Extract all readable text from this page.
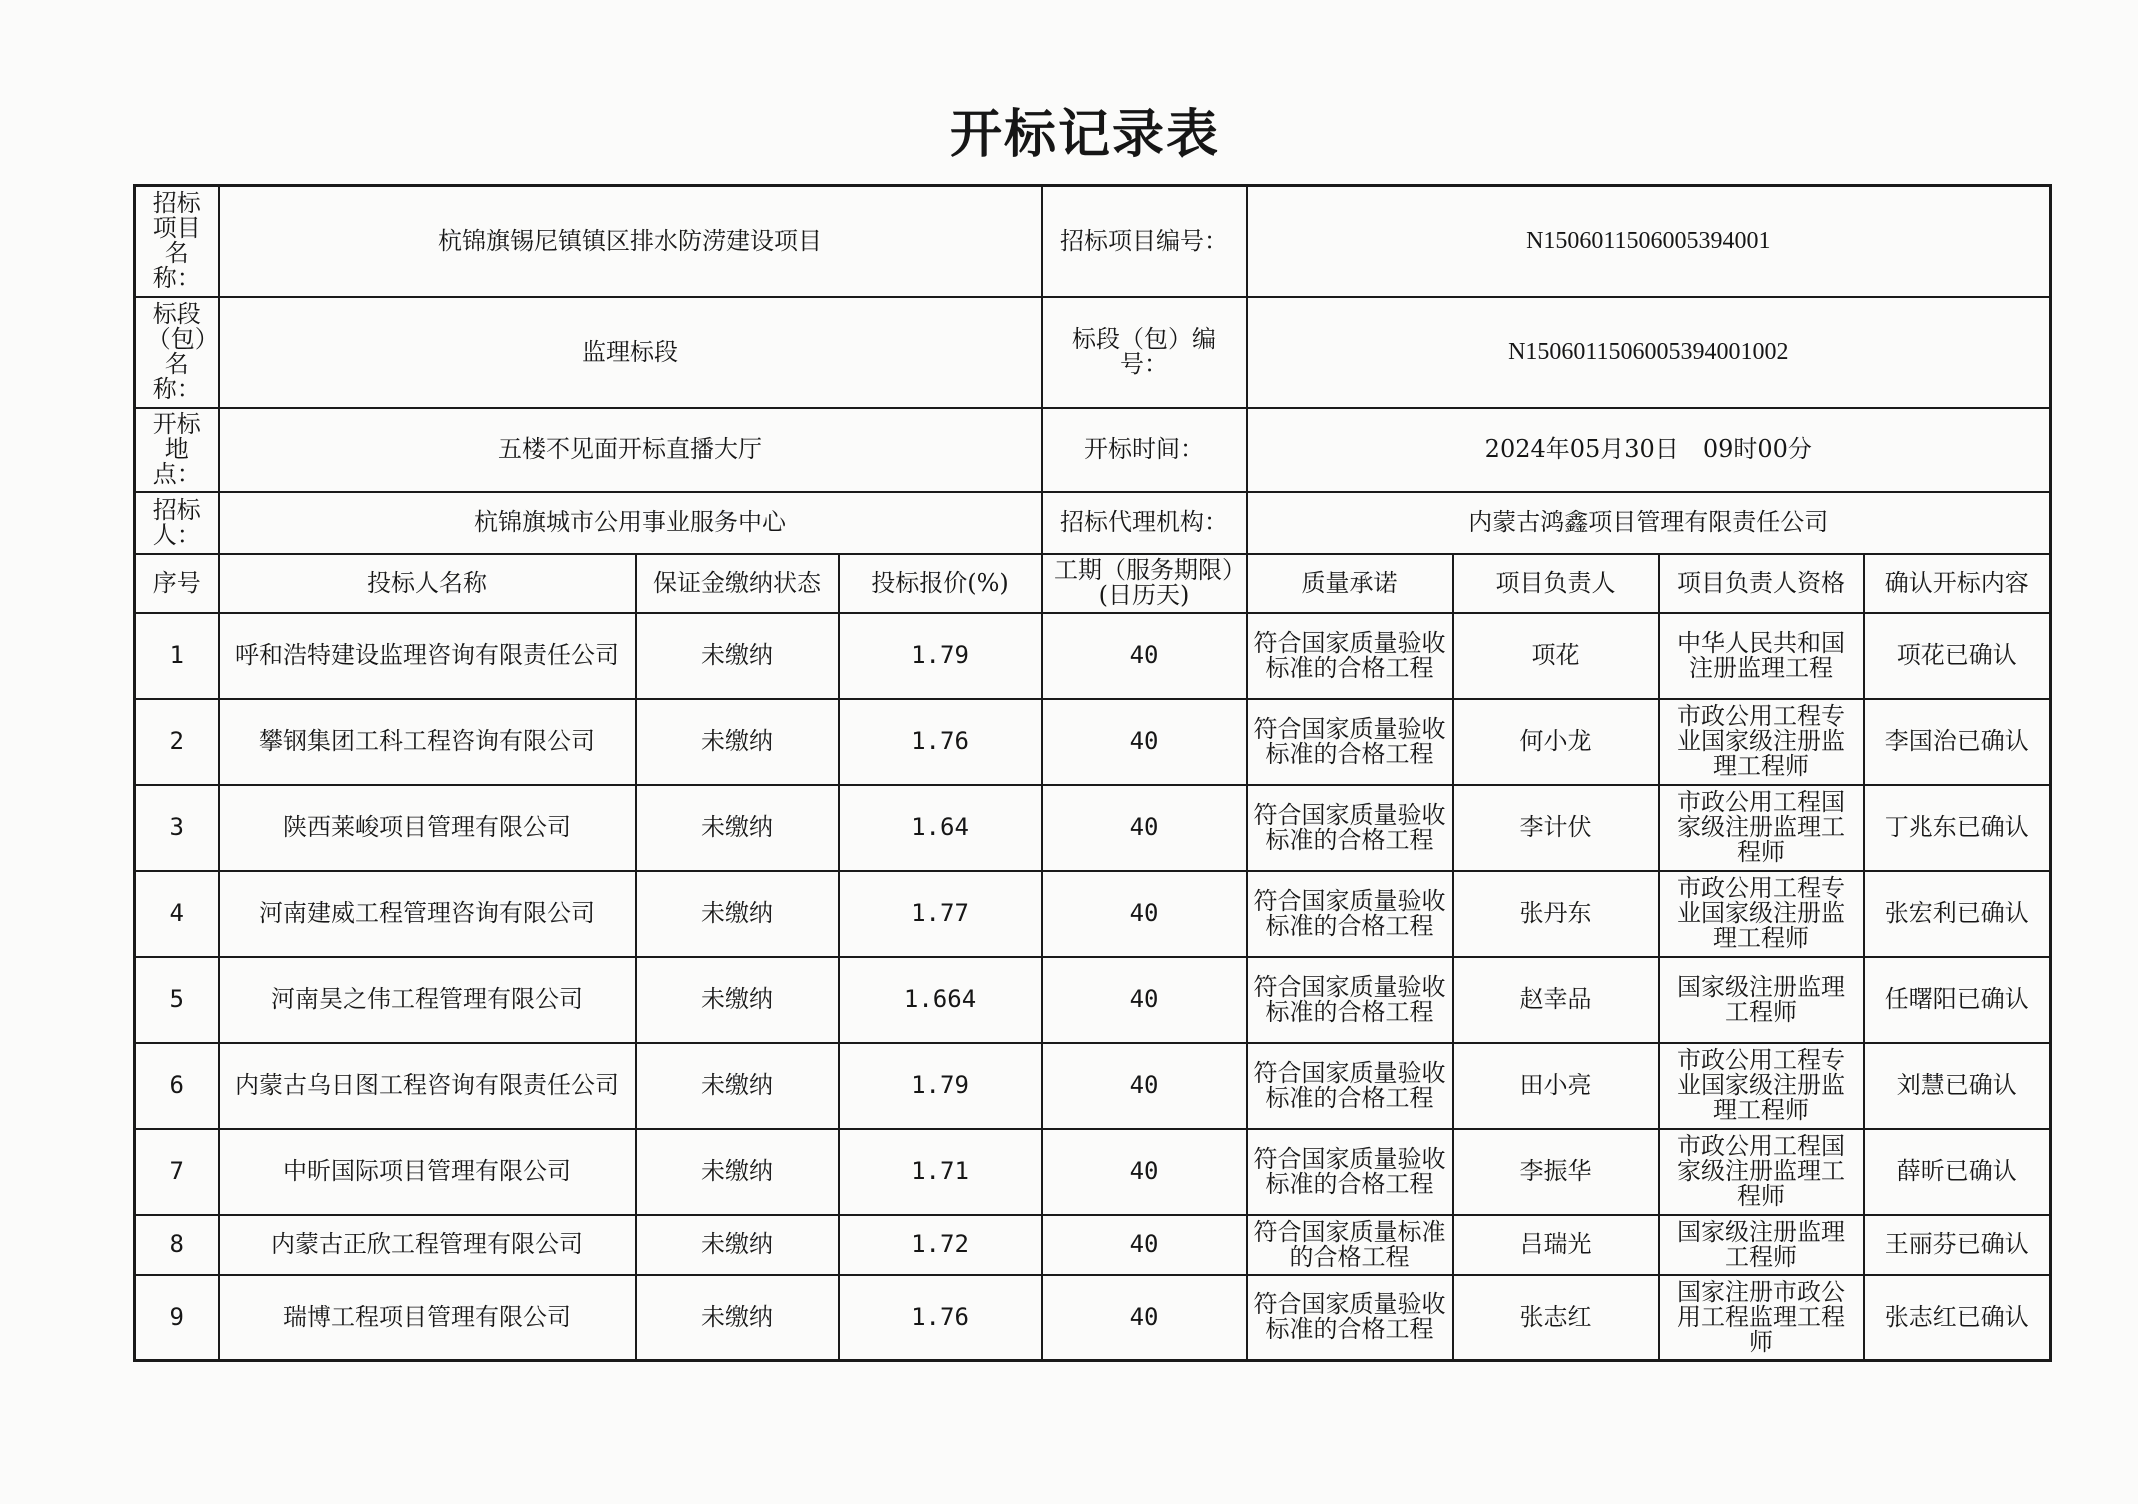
开标记录表
招标项目名称：	杭锦旗锡尼镇镇区排水防涝建设项目			招标项目编号：	N1506011506005394001			
标段（包）名称：	监理标段			标段（包）编号：	N1506011506005394001002			
开标地点：	五楼不见面开标直播大厅			开标时间：	2024年05月30日　09时00分			
招标人：	杭锦旗城市公用事业服务中心			招标代理机构：	内蒙古鸿鑫项目管理有限责任公司			
序号	投标人名称	保证金缴纳状态	投标报价(%)	工期（服务期限）(日历天)	质量承诺	项目负责人	项目负责人资格	确认开标内容
1	呼和浩特建设监理咨询有限责任公司	未缴纳	1.79	40	符合国家质量验收标准的合格工程	项花	中华人民共和国注册监理工程	项花已确认
2	攀钢集团工科工程咨询有限公司	未缴纳	1.76	40	符合国家质量验收标准的合格工程	何小龙	市政公用工程专业国家级注册监理工程师	李国治已确认
3	陕西莱峻项目管理有限公司	未缴纳	1.64	40	符合国家质量验收标准的合格工程	李计伏	市政公用工程国家级注册监理工程师	丁兆东已确认
4	河南建威工程管理咨询有限公司	未缴纳	1.77	40	符合国家质量验收标准的合格工程	张丹东	市政公用工程专业国家级注册监理工程师	张宏利已确认
5	河南昊之伟工程管理有限公司	未缴纳	1.664	40	符合国家质量验收标准的合格工程	赵幸品	国家级注册监理工程师	任曙阳已确认
6	内蒙古乌日图工程咨询有限责任公司	未缴纳	1.79	40	符合国家质量验收标准的合格工程	田小亮	市政公用工程专业国家级注册监理工程师	刘慧已确认
7	中昕国际项目管理有限公司	未缴纳	1.71	40	符合国家质量验收标准的合格工程	李振华	市政公用工程国家级注册监理工程师	薛昕已确认
8	内蒙古正欣工程管理有限公司	未缴纳	1.72	40	符合国家质量标准的合格工程	吕瑞光	国家级注册监理工程师	王丽芬已确认
9	瑞博工程项目管理有限公司	未缴纳	1.76	40	符合国家质量验收标准的合格工程	张志红	国家注册市政公用工程监理工程师	张志红已确认
